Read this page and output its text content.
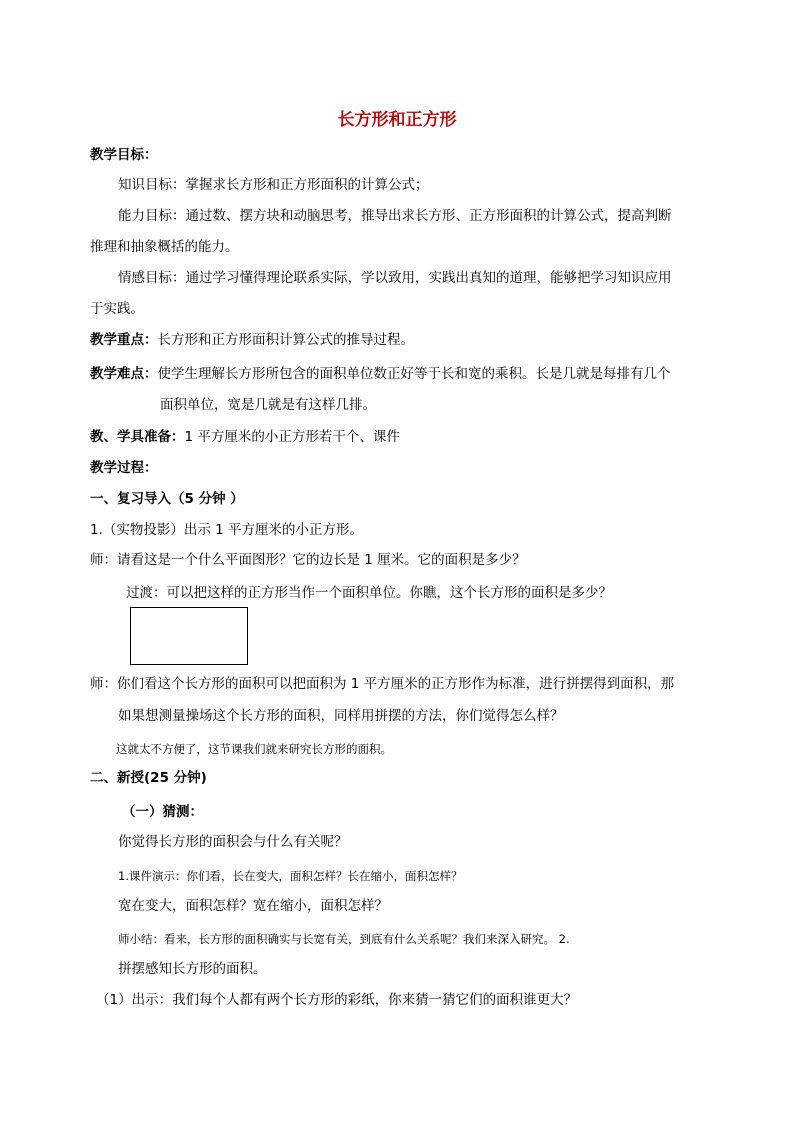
长方形和正方形
教学目标：
知识目标：掌握求长方形和正方形面积的计算公式；
能力目标：通过数、摆方块和动脑思考，推导出求长方形、正方形面积的计算公式，提高判断
推理和抽象概括的能力。
情感目标：通过学习懂得理论联系实际，学以致用，实践出真知的道理，能够把学习知识应用
于实践。
教学重点：长方形和正方形面积计算公式的推导过程。
教学难点：使学生理解长方形所包含的面积单位数正好等于长和宽的乘积。长是几就是每排有几个
面积单位，宽是几就是有这样几排。
教、学具准备：1 平方厘米的小正方形若干个、课件
教学过程：
一、复习导入（5 分钟 ）
1.（实物投影）出示 1 平方厘米的小正方形。
师：请看这是一个什么平面图形？它的边长是 1 厘米。它的面积是多少？
过渡：可以把这样的正方形当作一个面积单位。你瞧，这个长方形的面积是多少？
师：你们看这个长方形的面积可以把面积为 1 平方厘米的正方形作为标准，进行拼摆得到面积，那
如果想测量操场这个长方形的面积，同样用拼摆的方法，你们觉得怎么样？
这就太不方便了，这节课我们就来研究长方形的面积。
二、新授(25 分钟)
（一）猜测：
你觉得长方形的面积会与什么有关呢？
1.课件演示：你们看，长在变大，面积怎样？长在缩小，面积怎样？
宽在变大，面积怎样？宽在缩小，面积怎样？
师小结：看来，长方形的面积确实与长宽有关，到底有什么关系呢？我们来深入研究。 2.
拼摆感知长方形的面积。
（1）出示：我们每个人都有两个长方形的彩纸，你来猜一猜它们的面积谁更大？
